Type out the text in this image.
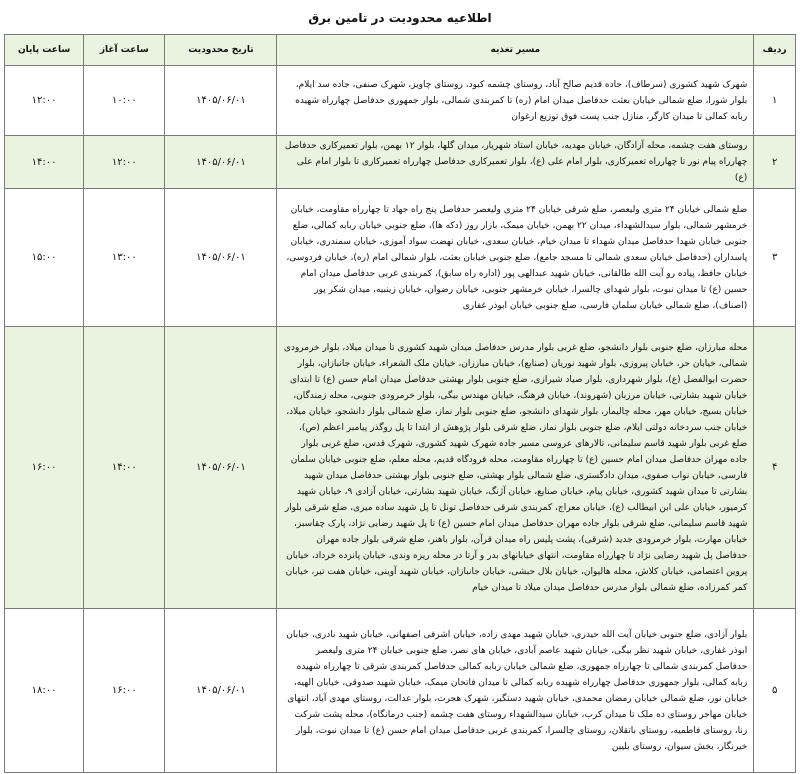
اطلاعیه محدودیت در تامین برق
ردیف	مسیر تغذیه	تاریخ محدودیت	ساعت آغاز	ساعت پایان
۱	شهرک شهید کشوری (سرطاف)، جاده قدیم صالح آباد، روستای چشمه کبود، روستای چاویز، شهرک صنفی، جاده سد ایلام، بلوار شورا، ضلع شمالی خیابان بعثت حدفاصل میدان امام (ره) تا کمربندی شمالی، بلوار جمهوری حدفاصل چهارراه شهیده ربابه کمالی تا میدان کارگر، منازل جنب پست فوق توزیع ارغوان	۱۴۰۵/۰۶/۰۱	۱۰:۰۰	۱۲:۰۰
۲	روستای هفت چشمه، محله آزادگان، خیابان مهدیه، خیابان استاد شهریار، میدان گلها، بلوار ۱۲ بهمن، بلوار تعمیرکاری حدفاصل چهارراه پیام نور تا چهارراه تعمیرکاری، بلوار امام علی (ع)، بلوار تعمیرکاری حدفاصل چهارراه تعمیرکاری تا بلوار امام علی (ع)	۱۴۰۵/۰۶/۰۱	۱۲:۰۰	۱۴:۰۰
۳	ضلع شمالی خیابان ۲۴ متری ولیعصر، ضلع شرقی خیابان ۲۴ متری ولیعصر حدفاصل پنج راه جهاد تا چهارراه مقاومت، خیابان خرمشهر شمالی، بلوار سیدالشهداء، میدان ۲۲ بهمن، خیابان میمک، بازار روز (دکه ها)، ضلع جنوبی خیابان ربابه کمالی، ضلع جنوبی خیابان شهدا حدفاصل میدان شهداء تا میدان خیام، خیابان سعدی، خیابان نهضت سواد آموزی، خیابان سمندری، خیابان پاسداران (حدفاصل خیابان سعدی شمالی تا مسجد جامع)، ضلع جنوبی خیابان بعثت، بلوار شمالی امام (ره)، خیابان فردوسی، خیابان حافظ، پیاده رو آیت الله طالقانی، خیابان شهید عبدالهی پور (اداره راه سابق)، کمربندی غربی حدفاصل میدان امام حسین (ع) تا میدان نبوت، بلوار شهدای چالسرا، خیابان خرمشهر جنوبی، خیابان رضوان، خیابان زینبیه، میدان شکر پور (اصناف)، ضلع شمالی خیابان سلمان فارسی، ضلع جنوبی خیابان ابوذر غفاری	۱۴۰۵/۰۶/۰۱	۱۳:۰۰	۱۵:۰۰
۴	محله مبارزان، ضلع جنوبی بلوار دانشجو، ضلع غربی بلوار مدرس حدفاصل میدان شهید کشوری تا میدان میلاد، بلوار خرمرودی شمالی، خیابان حر، خیابان پیروزی، بلوار شهید نوریان (صنایع)، خیابان مبارزان، خیابان ملک الشعراء، خیابان جانبازان، بلوار حضرت ابوالفضل (ع)، بلوار شهرداری، بلوار صیاد شیرازی، ضلع جنوبی بلوار بهشتی حدفاصل میدان امام حسن (ع) تا ابتدای خیابان شهید بشارتی، خیابان مرزبان (شهروند)، خیابان فرهنگ، خیابان مهندس بیگی، بلوار خرمرودی جنوبی، محله زمندگان، خیابان بسیج، خیابان مهر، محله چالیمار، بلوار شهدای دانشجو، ضلع جنوبی بلوار نماز، ضلع شمالی بلوار دانشجو، خیابان میلاد، خیابان جنب سردخانه دولتی ایلام، ضلع جنوبی بلوار نماز، ضلع شرقی بلوار پژوهش از ابتدا تا پل روگذر پیامبر اعظم (ص)، ضلع غربی بلوار شهید قاسم سلیمانی، تالارهای عروسی مسیر جاده شهرک شهید کشوری، شهرک قدس، ضلع غربی بلوار جاده مهران حدفاصل میدان امام حسین (ع) تا چهارراه مقاومت، محله فرودگاه قدیم، محله معلم، ضلع جنوبی خیابان سلمان فارسی، خیابان نواب صفوی، میدان دادگستری، ضلع شمالی بلوار بهشتی، ضلع جنوبی بلوار بهشتی حدفاصل میدان شهید بشارتی تا میدان شهید کشوری، خیابان پیام، خیابان صنایع، خیابان آژنگ، خیابان شهید بشارتی، خیابان آزادی ۹، خیابان شهید کرمیور، خیابان علی ابن ابیطالب (ع)، خیابان معراج، کمربندی شرقی حدفاصل تونل تا پل شهید ساده میری، ضلع شرقی بلوار شهید قاسم سلیمانی، ضلع شرقی بلوار جاده مهران حدفاصل میدان امام حسین (ع) تا پل شهید رضایی نژاد، پارک چقاسبز، خیابان مهارت، بلوار خرمرودی جدید (شرقی)، پشت پلیس راه میدان قرآن، بلوار باهنر، ضلع شرقی بلوار جاده مهران حدفاصل پل شهید رضایی نژاد تا چهارراه مقاومت، انتهای خیابانهای بدر و آرتا در محله ریزه وندی، خیابان پانزده خرداد، خیابان پروین اعتصامی، خیابان کلاش، محله هالیوان، خیابان بلال حبشی، خیابان جانبازان، خیابان شهید آوینی، خیابان هفت تیر، خیابان کمر کمرزاده، ضلع شمالی بلوار مدرس حدفاصل میدان میلاد تا میدان خیام	۱۴۰۵/۰۶/۰۱	۱۴:۰۰	۱۶:۰۰
۵	بلوار آزادی، ضلع جنوبی خیابان آیت الله حیدری، خیابان شهید مهدی زاده، خیابان اشرفی اصفهانی، خیابان شهید نادری، خیابان ابوذر غفاری، خیابان شهید نظر بیگی، خیابان شهید عاصم آبادی، خیابان های نصر، ضلع جنوبی خیابان ۲۴ متری ولیعصر حدفاصل کمربندی شمالی تا چهارراه جمهوری، ضلع شمالی خیابان ربابه کمالی حدفاصل کمربندی شرقی تا چهارراه شهیده ربابه کمالی، بلوار جمهوری حدفاصل چهارراه شهیده ربابه کمالی تا میدان فاتحان میمک، خیابان شهید صدوقی، خیابان الهیه، خیابان نور، ضلع شمالی خیابان رمضان محمدی، خیابان شهید دستگیر، شهرک هجرت، بلوار عدالت، روستای مهدی آباد، انتهای خیابان مهاجر روستای ده ملک تا میدان کرب، خیابان سیدالشهداء روستای هفت چشمه (جنب درمانگاه)، محله پشت شرکت رنا، روستای فاطمیه، روستای باتقلان، روستای چالسرا، کمربندی غربی حدفاصل میدان امام حسن (ع) تا میدان نبوت، بلوار خیرنگار، بخش سیوان، روستای بلیین	۱۴۰۵/۰۶/۰۱	۱۶:۰۰	۱۸:۰۰
